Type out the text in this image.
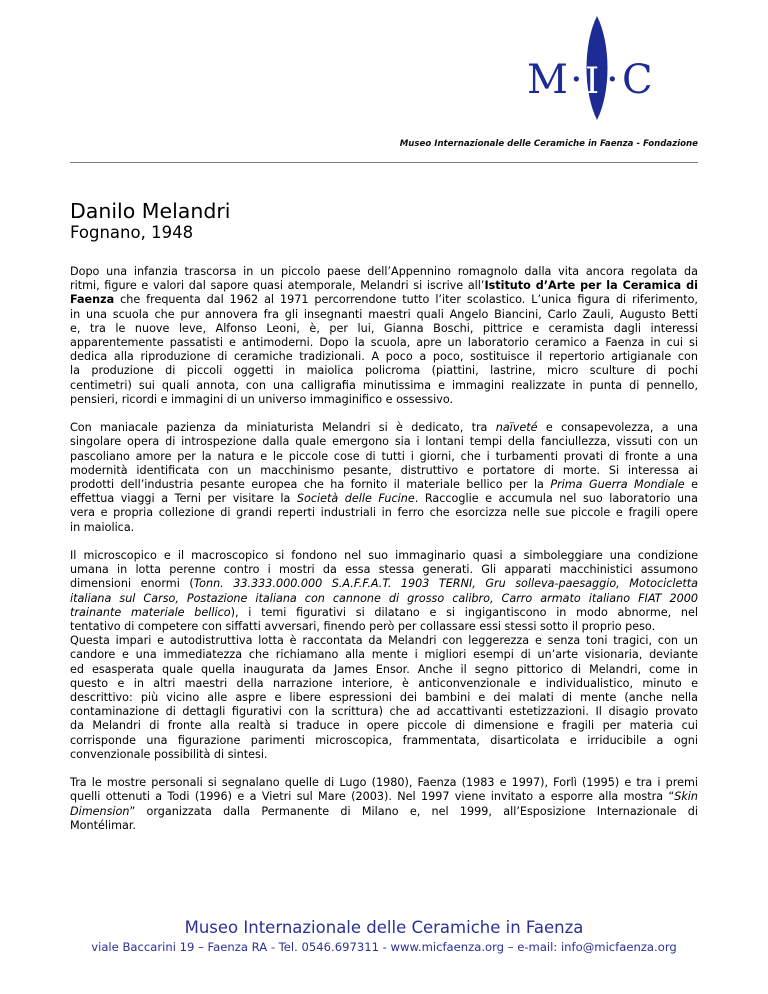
M · I · C
Museo Internazionale delle Ceramiche in Faenza - Fondazione
Danilo Melandri
Fognano, 1948

Dopo una infanzia trascorsa in un piccolo paese dell’Appennino romagnolo dalla vita ancora regolata da
ritmi, figure e valori dal sapore quasi atemporale, Melandri si iscrive all’Istituto d’Arte per la Ceramica di
Faenza che frequenta dal 1962 al 1971 percorrendone tutto l’iter scolastico. L’unica figura di riferimento,
in una scuola che pur annovera fra gli insegnanti maestri quali Angelo Biancini, Carlo Zauli, Augusto Betti
e, tra le nuove leve, Alfonso Leoni, è, per lui, Gianna Boschi, pittrice e ceramista dagli interessi
apparentemente passatisti e antimoderni. Dopo la scuola, apre un laboratorio ceramico a Faenza in cui si
dedica alla riproduzione di ceramiche tradizionali. A poco a poco, sostituisce il repertorio artigianale con
la produzione di piccoli oggetti in maiolica policroma (piattini, lastrine, micro sculture di pochi
centimetri) sui quali annota, con una calligrafia minutissima e immagini realizzate in punta di pennello,
pensieri, ricordi e immagini di un universo immaginifico e ossessivo.

Con maniacale pazienza da miniaturista Melandri si è dedicato, tra naïveté e consapevolezza, a una
singolare opera di introspezione dalla quale emergono sia i lontani tempi della fanciullezza, vissuti con un
pascoliano amore per la natura e le piccole cose di tutti i giorni, che i turbamenti provati di fronte a una
modernità identificata con un macchinismo pesante, distruttivo e portatore di morte. Si interessa ai
prodotti dell’industria pesante europea che ha fornito il materiale bellico per la Prima Guerra Mondiale e
effettua viaggi a Terni per visitare la Società delle Fucine. Raccoglie e accumula nel suo laboratorio una
vera e propria collezione di grandi reperti industriali in ferro che esorcizza nelle sue piccole e fragili opere
in maiolica.

Il microscopico e il macroscopico si fondono nel suo immaginario quasi a simboleggiare una condizione
umana in lotta perenne contro i mostri da essa stessa generati. Gli apparati macchinistici assumono
dimensioni enormi (Tonn. 33.333.000.000 S.A.F.F.A.T. 1903 TERNI, Gru solleva-paesaggio, Motocicletta
italiana sul Carso, Postazione italiana con cannone di grosso calibro, Carro armato italiano FIAT 2000
trainante materiale bellico), i temi figurativi si dilatano e si ingigantiscono in modo abnorme, nel
tentativo di competere con siffatti avversari, finendo però per collassare essi stessi sotto il proprio peso.
Questa impari e autodistruttiva lotta è raccontata da Melandri con leggerezza e senza toni tragici, con un
candore e una immediatezza che richiamano alla mente i migliori esempi di un’arte visionaria, deviante
ed esasperata quale quella inaugurata da James Ensor. Anche il segno pittorico di Melandri, come in
questo e in altri maestri della narrazione interiore, è anticonvenzionale e individualistico, minuto e
descrittivo: più vicino alle aspre e libere espressioni dei bambini e dei malati di mente (anche nella
contaminazione di dettagli figurativi con la scrittura) che ad accattivanti estetizzazioni. Il disagio provato
da Melandri di fronte alla realtà si traduce in opere piccole di dimensione e fragili per materia cui
corrisponde una figurazione parimenti microscopica, frammentata, disarticolata e irriducibile a ogni
convenzionale possibilità di sintesi.

Tra le mostre personali si segnalano quelle di Lugo (1980), Faenza (1983 e 1997), Forlì (1995) e tra i premi
quelli ottenuti a Todi (1996) e a Vietri sul Mare (2003). Nel 1997 viene invitato a esporre alla mostra “Skin
Dimension” organizzata dalla Permanente di Milano e, nel 1999, all’Esposizione Internazionale di
Montélimar.

Museo Internazionale delle Ceramiche in Faenza
viale Baccarini 19 – Faenza RA - Tel. 0546.697311 - www.micfaenza.org – e-mail: info@micfaenza.org
